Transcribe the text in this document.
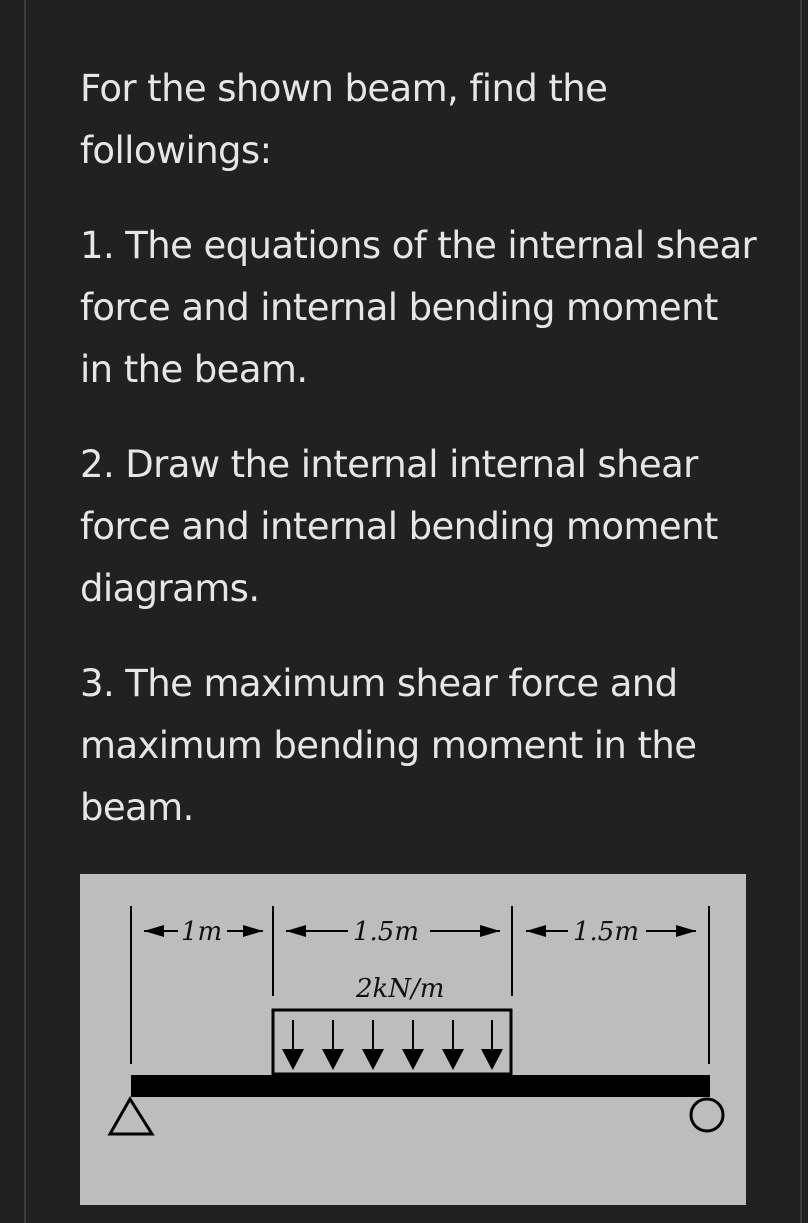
For the shown beam, find the followings:

1. The equations of the internal shear force and internal bending moment in the beam.

2. Draw the internal internal shear force and internal bending moment diagrams.

3. The maximum shear force and maximum bending moment in the beam.

1m	1.5m	1.5m
2kN/m
